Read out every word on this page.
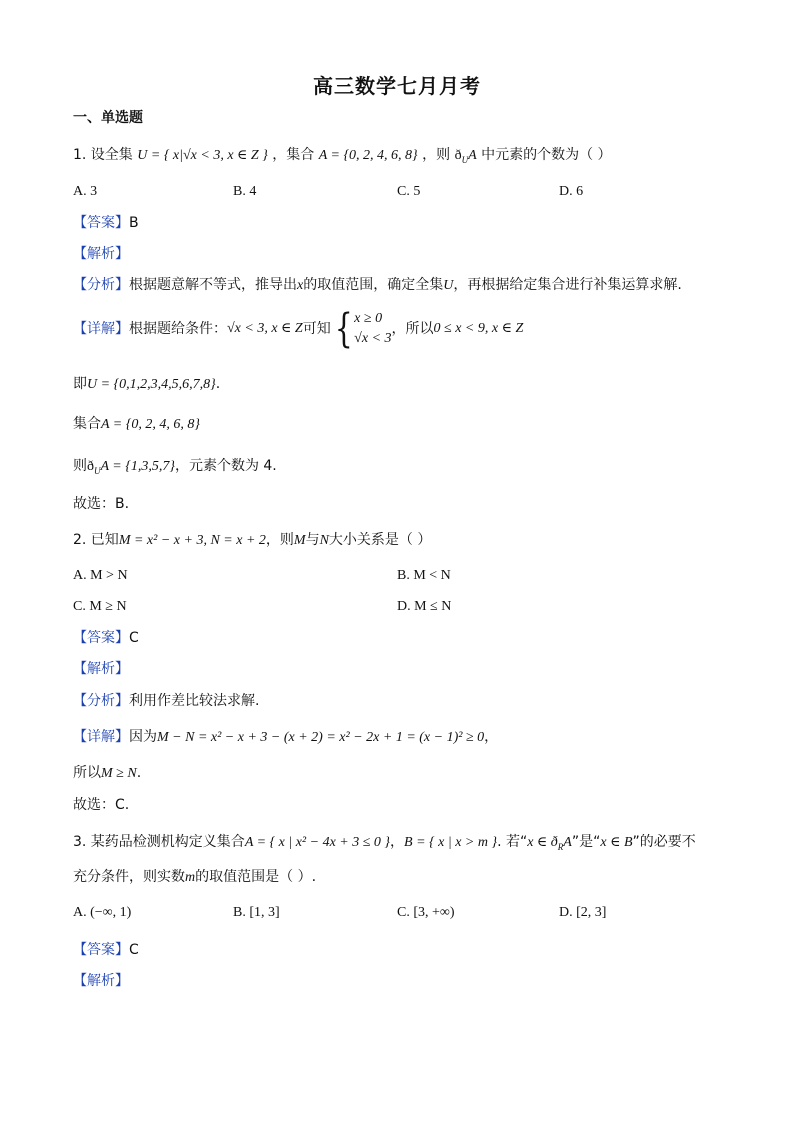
高三数学七月月考
一、单选题
1. 设全集 U = { x|√x < 3, x ∈ Z } ，集合 A = {0, 2, 4, 6, 8} ，则 $ð_UA$ 中元素的个数为（ ）
A. 3	B. 4	C. 5	D. 6
【答案】B
【解析】
【分析】根据题意解不等式，推导出x的取值范围，确定全集U，再根据给定集合进行补集运算求解.
【详解】根据题给条件：√x < 3, x ∈ Z可知{ x ≥ 0
√x < 3，所以0 ≤ x < 9, x ∈ Z
即U = {0,1,2,3,4,5,6,7,8}.
集合A = {0, 2, 4, 6, 8}
则$ð_UA = \{1,3,5,7\}$，元素个数为 4.
故选：B.
2. 已知M = x² − x + 3, N = x + 2，则M与N大小关系是（ ）
A. M > N	B. M < N
C. M ≥ N	D. M ≤ N
【答案】C
【解析】
【分析】利用作差比较法求解.
【详解】因为M − N = x² − x + 3 − (x + 2) = x² − 2x + 1 = (x − 1)² ≥ 0，
所以M ≥ N.
故选：C.
3. 某药品检测机构定义集合A = { x | x² − 4x + 3 ≤ 0 }，B = { x | x > m }. 若“x ∈ $ð_RA$”是“x ∈ B”的必要不
充分条件，则实数m的取值范围是（ ）.
A. (−∞, 1)	B. [1, 3]	C. [3, +∞)	D. [2, 3]
【答案】C
【解析】
